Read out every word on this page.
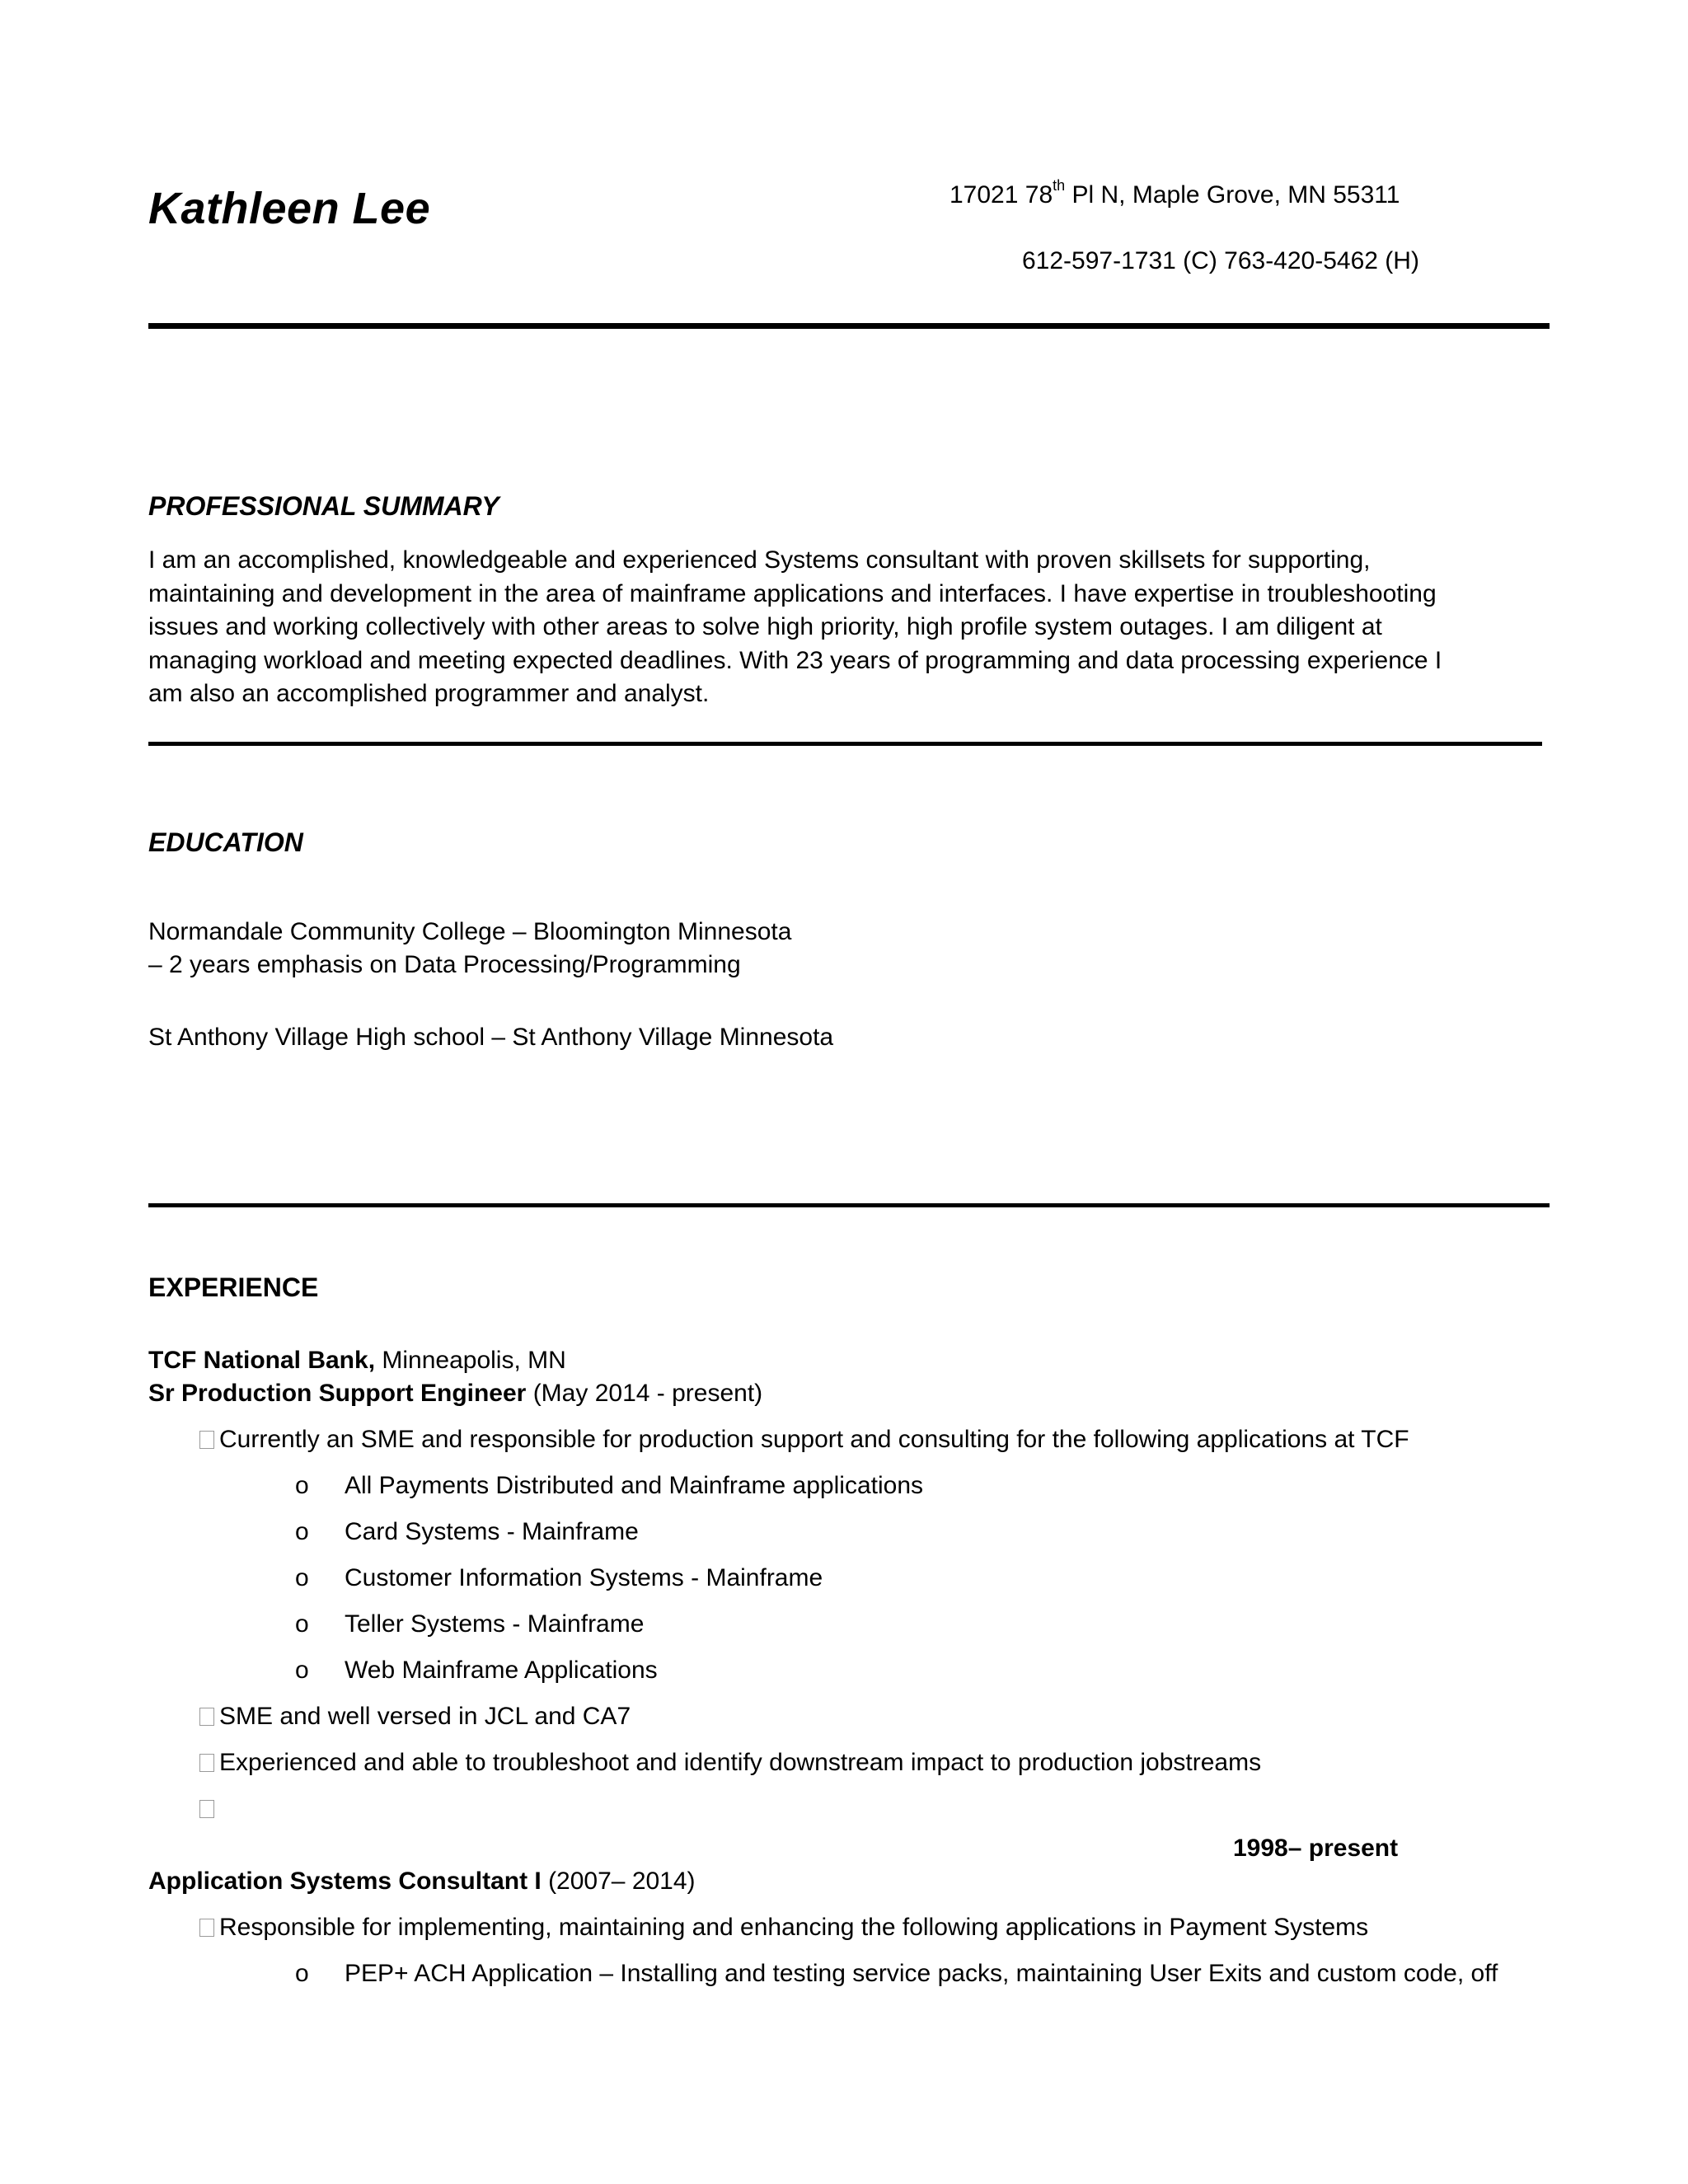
Kathleen Lee	17021 78th Pl N, Maple Grove, MN 55311
612-597-1731 (C) 763-420-5462 (H)
PROFESSIONAL SUMMARY
I am an accomplished, knowledgeable and experienced Systems consultant with proven skillsets for supporting,
maintaining and development in the area of mainframe applications and interfaces. I have expertise in troubleshooting
issues and working collectively with other areas to solve high priority, high profile system outages. I am diligent at
managing workload and meeting expected deadlines. With 23 years of programming and data processing experience I
am also an accomplished programmer and analyst.
EDUCATION
Normandale Community College – Bloomington Minnesota
– 2 years emphasis on Data Processing/Programming
St Anthony Village High school – St Anthony Village Minnesota
EXPERIENCE
TCF National Bank, Minneapolis, MN
Sr Production Support Engineer (May 2014 - present)
Currently an SME and responsible for production support and consulting for the following applications at TCF
o All Payments Distributed and Mainframe applications
o Card Systems - Mainframe
o Customer Information Systems - Mainframe
o Teller Systems - Mainframe
o Web Mainframe Applications
SME and well versed in JCL and CA7
Experienced and able to troubleshoot and identify downstream impact to production jobstreams
1998– present
Application Systems Consultant I (2007– 2014)
Responsible for implementing, maintaining and enhancing the following applications in Payment Systems
o PEP+ ACH Application – Installing and testing service packs, maintaining User Exits and custom code, off
